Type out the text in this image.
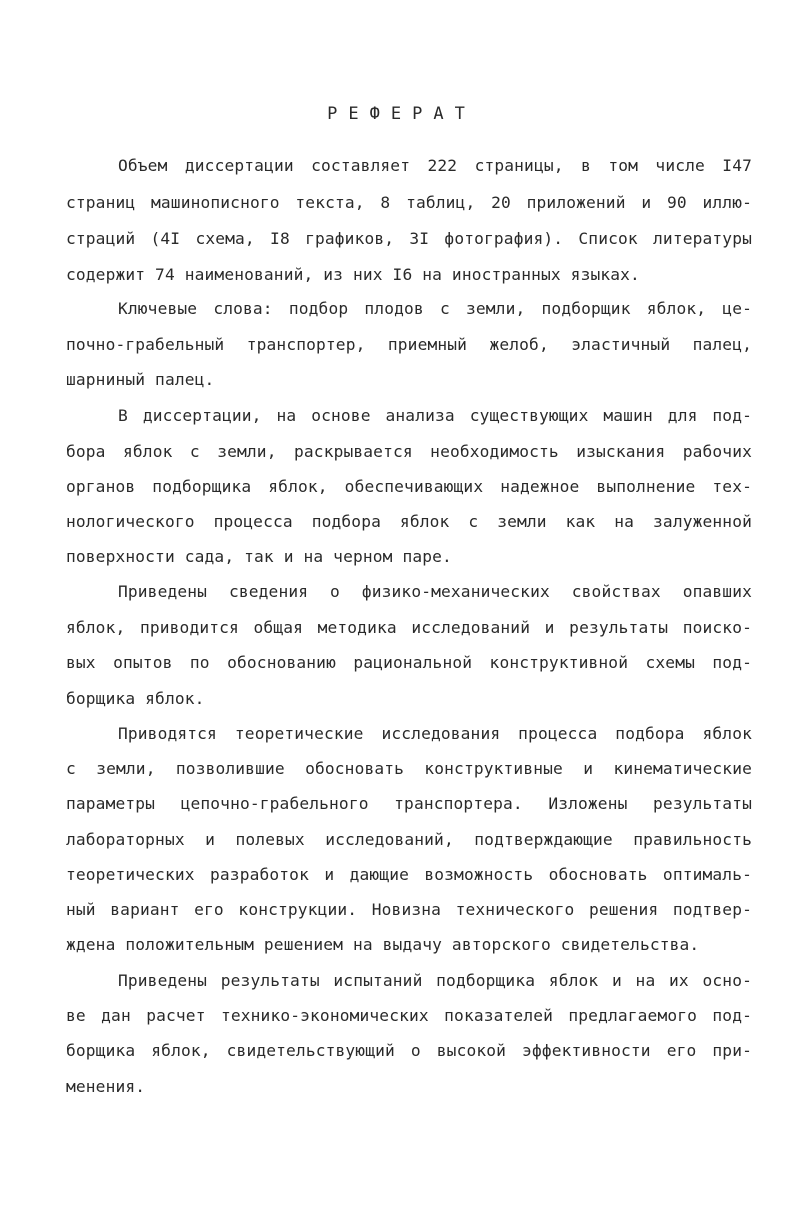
РЕФЕРАТ
Объем диссертации составляет 222 страницы, в том числе I47
страниц машинописного текста, 8 таблиц, 20 приложений и 90 иллю-
страций (4I схема, I8 графиков, 3I фотография). Список литературы
содержит 74 наименований, из них I6 на иностранных языках.
Ключевые слова: подбор плодов с земли, подборщик яблок, це-
почно-грабельный транспортер, приемный желоб, эластичный палец,
шарниный палец.
В диссертации, на основе анализа существующих машин для под-
бора яблок с земли, раскрывается необходимость изыскания рабочих
органов подборщика яблок, обеспечивающих надежное выполнение тех-
нологического процесса подбора яблок с земли как на залуженной
поверхности сада, так и на черном паре.
Приведены сведения о физико-механических свойствах опавших
яблок, приводится общая методика исследований и результаты поиско-
вых опытов по обоснованию рациональной конструктивной схемы под-
борщика яблок.
Приводятся теоретические исследования процесса подбора яблок
с земли, позволившие обосновать конструктивные и кинематические
параметры цепочно-грабельного транспортера. Изложены результаты
лабораторных и полевых исследований, подтверждающие правильность
теоретических разработок и дающие возможность обосновать оптималь-
ный вариант его конструкции. Новизна технического решения подтвер-
ждена положительным решением на выдачу авторского свидетельства.
Приведены результаты испытаний подборщика яблок и на их осно-
ве дан расчет технико-экономических показателей предлагаемого под-
борщика яблок, свидетельствующий о высокой эффективности его при-
менения.
